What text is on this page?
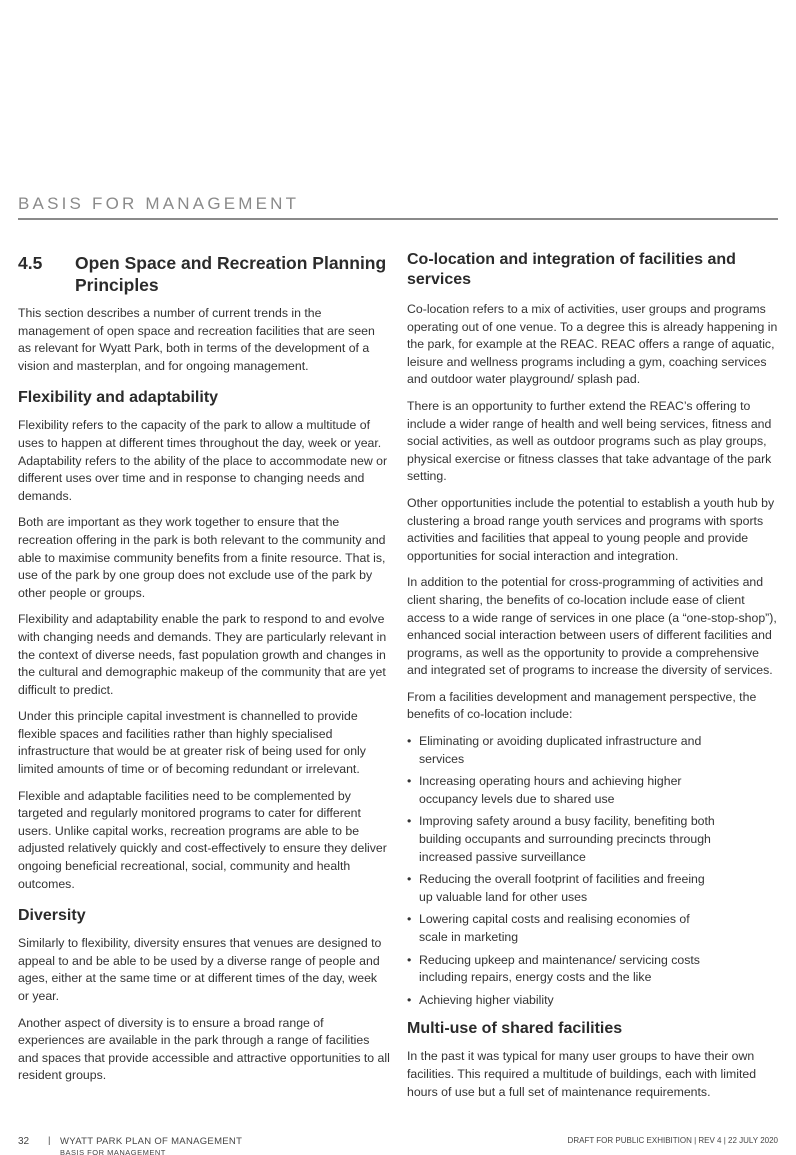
BASIS FOR MANAGEMENT
4.5	Open Space and Recreation Planning Principles

This section describes a number of current trends in the management of open space and recreation facilities that are seen as relevant for Wyatt Park, both in terms of the development of a vision and masterplan, and for ongoing management.

Flexibility and adaptability

Flexibility refers to the capacity of the park to allow a multitude of uses to happen at different times throughout the day, week or year. Adaptability refers to the ability of the place to accommodate new or different uses over time and in response to changing needs and demands.

Both are important as they work together to ensure that the recreation offering in the park is both relevant to the community and able to maximise community benefits from a finite resource. That is, use of the park by one group does not exclude use of the park by other people or groups.

Flexibility and adaptability enable the park to respond to and evolve with changing needs and demands. They are particularly relevant in the context of diverse needs, fast population growth and changes in the cultural and demographic makeup of the community that are yet difficult to predict.

Under this principle capital investment is channelled to provide flexible spaces and facilities rather than highly specialised infrastructure that would be at greater risk of being used for only limited amounts of time or of becoming redundant or irrelevant.

Flexible and adaptable facilities need to be complemented by targeted and regularly monitored programs to cater for different users. Unlike capital works, recreation programs are able to be adjusted relatively quickly and cost-effectively to ensure they deliver ongoing beneficial recreational, social, community and health outcomes.

Diversity

Similarly to flexibility, diversity ensures that venues are designed to appeal to and be able to be used by a diverse range of people and ages, either at the same time or at different times of the day, week or year.

Another aspect of diversity is to ensure a broad range of experiences are available in the park through a range of facilities and spaces that provide accessible and attractive opportunities to all resident groups.

Co-location and integration of facilities and services

Co-location refers to a mix of activities, user groups and programs operating out of one venue. To a degree this is already happening in the park, for example at the REAC. REAC offers a range of aquatic, leisure and wellness programs including a gym, coaching services and outdoor water playground/ splash pad.

There is an opportunity to further extend the REAC’s offering to include a wider range of health and well being services, fitness and social activities, as well as outdoor programs such as play groups, physical exercise or fitness classes that take advantage of the park setting.

Other opportunities include the potential to establish a youth hub by clustering a broad range youth services and programs with sports activities and facilities that appeal to young people and provide opportunities for social interaction and integration.

In addition to the potential for cross-programming of activities and client sharing, the benefits of co-location include ease of client access to a wide range of services in one place (a “one-stop-shop”), enhanced social interaction between users of different facilities and programs, as well as the opportunity to provide a comprehensive and integrated set of programs to increase the diversity of services.

From a facilities development and management perspective, the benefits of co-location include:

• Eliminating or avoiding duplicated infrastructure and services
• Increasing operating hours and achieving higher occupancy levels due to shared use
• Improving safety around a busy facility, benefiting both building occupants and surrounding precincts through increased passive surveillance
• Reducing the overall footprint of facilities and freeing up valuable land for other uses
• Lowering capital costs and realising economies of scale in marketing
• Reducing upkeep and maintenance/ servicing costs including repairs, energy costs and the like
• Achieving higher viability
Multi-use of shared facilities

In the past it was typical for many user groups to have their own facilities. This required a multitude of buildings, each with limited hours of use but a full set of maintenance requirements.

32 | WYATT PARK PLAN OF MANAGEMENT
BASIS FOR MANAGEMENT
DRAFT FOR PUBLIC EXHIBITION | REV 4 | 22 JULY 2020
